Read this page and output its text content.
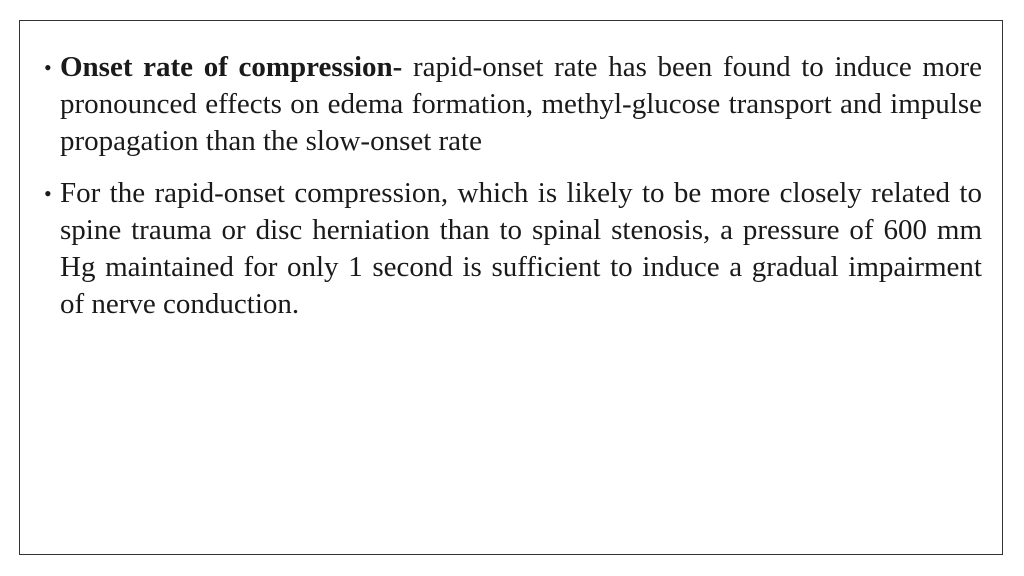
• Onset rate of compression- rapid-onset rate has been found to induce more pronounced effects on edema formation, methyl-glucose transport and impulse propagation than the slow-onset rate
• For the rapid-onset compression, which is likely to be more closely related to spine trauma or disc herniation than to spinal stenosis, a pressure of 600 mm Hg maintained for only 1 second is sufficient to induce a gradual impairment of nerve conduction.
